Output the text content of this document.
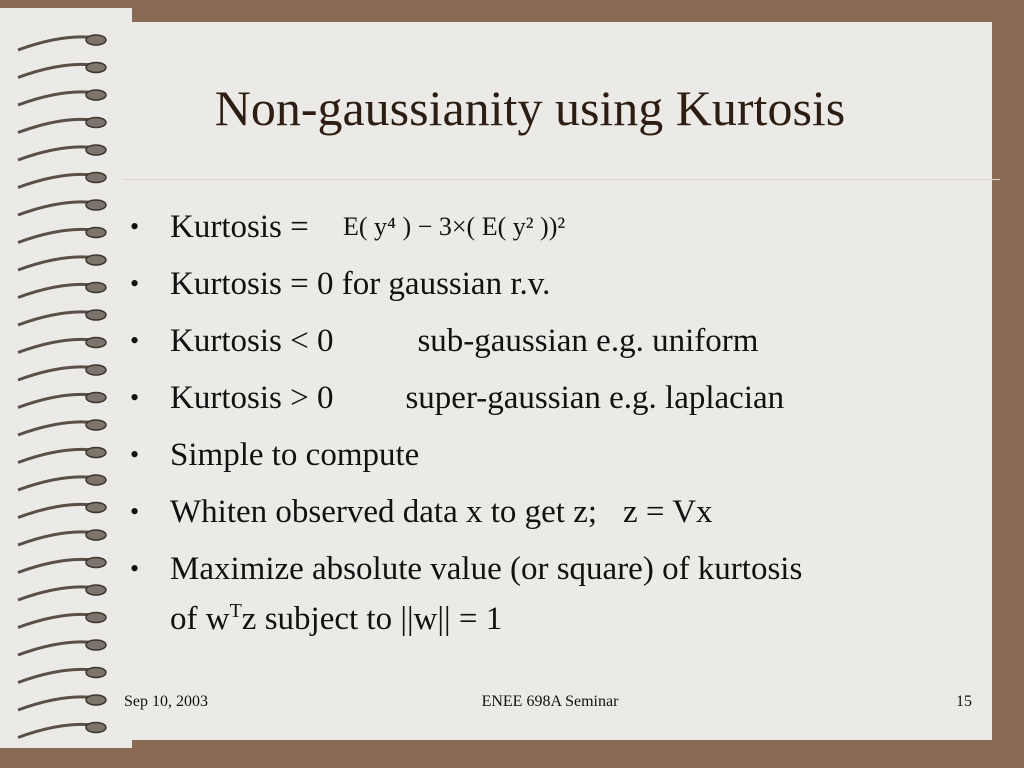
Non-gaussianity using Kurtosis
• Kurtosis = E( y⁴ ) − 3×( E( y² ))²
• Kurtosis = 0 for gaussian r.v.
• Kurtosis < 0	sub-gaussian e.g. uniform
• Kurtosis > 0 super-gaussian e.g. laplacian
• Simple to compute
• Whiten observed data x to get z; z = Vx
• Maximize absolute value (or square) of kurtosis
of $w^Tz$ subject to ||w|| = 1
Sep 10, 2003	ENEE 698A Seminar	15
